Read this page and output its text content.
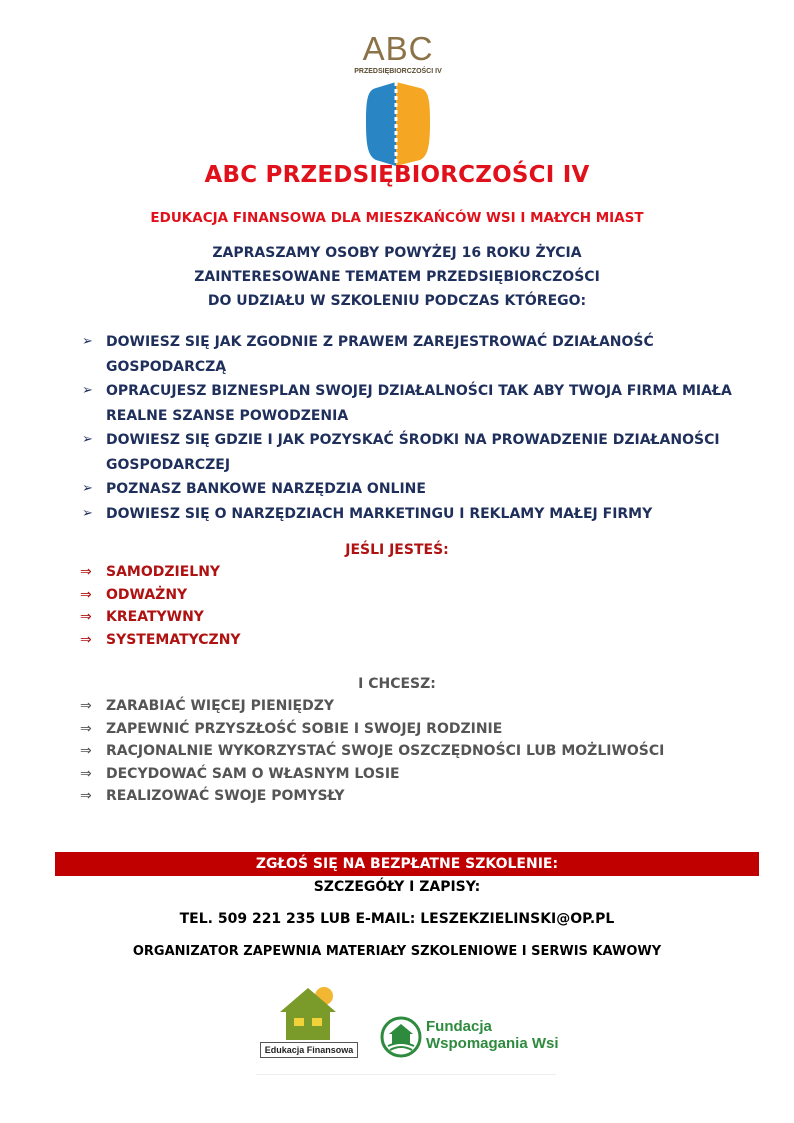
ABC
PRZEDSIĘBIORCZOŚCI IV
ABC PRZEDSIĘBIORCZOŚCI IV
EDUKACJA FINANSOWA DLA MIESZKAŃCÓW WSI I MAŁYCH MIAST
ZAPRASZAMY OSOBY POWYŻEJ 16 ROKU ŻYCIA
ZAINTERESOWANE TEMATEM PRZEDSIĘBIORCZOŚCI
DO UDZIAŁU W SZKOLENIU PODCZAS KTÓREGO:
➢ DOWIESZ SIĘ JAK ZGODNIE Z PRAWEM ZAREJESTROWAĆ DZIAŁANOŚĆ GOSPODARCZĄ
➢ OPRACUJESZ BIZNESPLAN SWOJEJ DZIAŁALNOŚCI TAK ABY TWOJA FIRMA MIAŁA REALNE SZANSE POWODZENIA
➢ DOWIESZ SIĘ GDZIE I JAK POZYSKAĆ ŚRODKI NA PROWADZENIE DZIAŁANOŚCI GOSPODARCZEJ
➢ POZNASZ BANKOWE NARZĘDZIA ONLINE
➢ DOWIESZ SIĘ O NARZĘDZIACH MARKETINGU I REKLAMY MAŁEJ FIRMY
JEŚLI JESTEŚ:
⇒ SAMODZIELNY
⇒ ODWAŻNY
⇒ KREATYWNY
⇒ SYSTEMATYCZNY
I CHCESZ:
⇒ ZARABIAĆ WIĘCEJ PIENIĘDZY
⇒ ZAPEWNIĆ PRZYSZŁOŚĆ SOBIE I SWOJEJ RODZINIE
⇒ RACJONALNIE WYKORZYSTAĆ SWOJE OSZCZĘDNOŚCI LUB MOŻLIWOŚCI
⇒ DECYDOWAĆ SAM O WŁASNYM LOSIE
⇒ REALIZOWAĆ SWOJE POMYSŁY
ZGŁOŚ SIĘ NA BEZPŁATNE SZKOLENIE:
SZCZEGÓŁY I ZAPISY:
TEL. 509 221 235 LUB E-MAIL: LESZEKZIELINSKI@OP.PL
ORGANIZATOR ZAPEWNIA MATERIAŁY SZKOLENIOWE I SERWIS KAWOWY
Edukacja Finansowa
Fundacja
Wspomagania Wsi
